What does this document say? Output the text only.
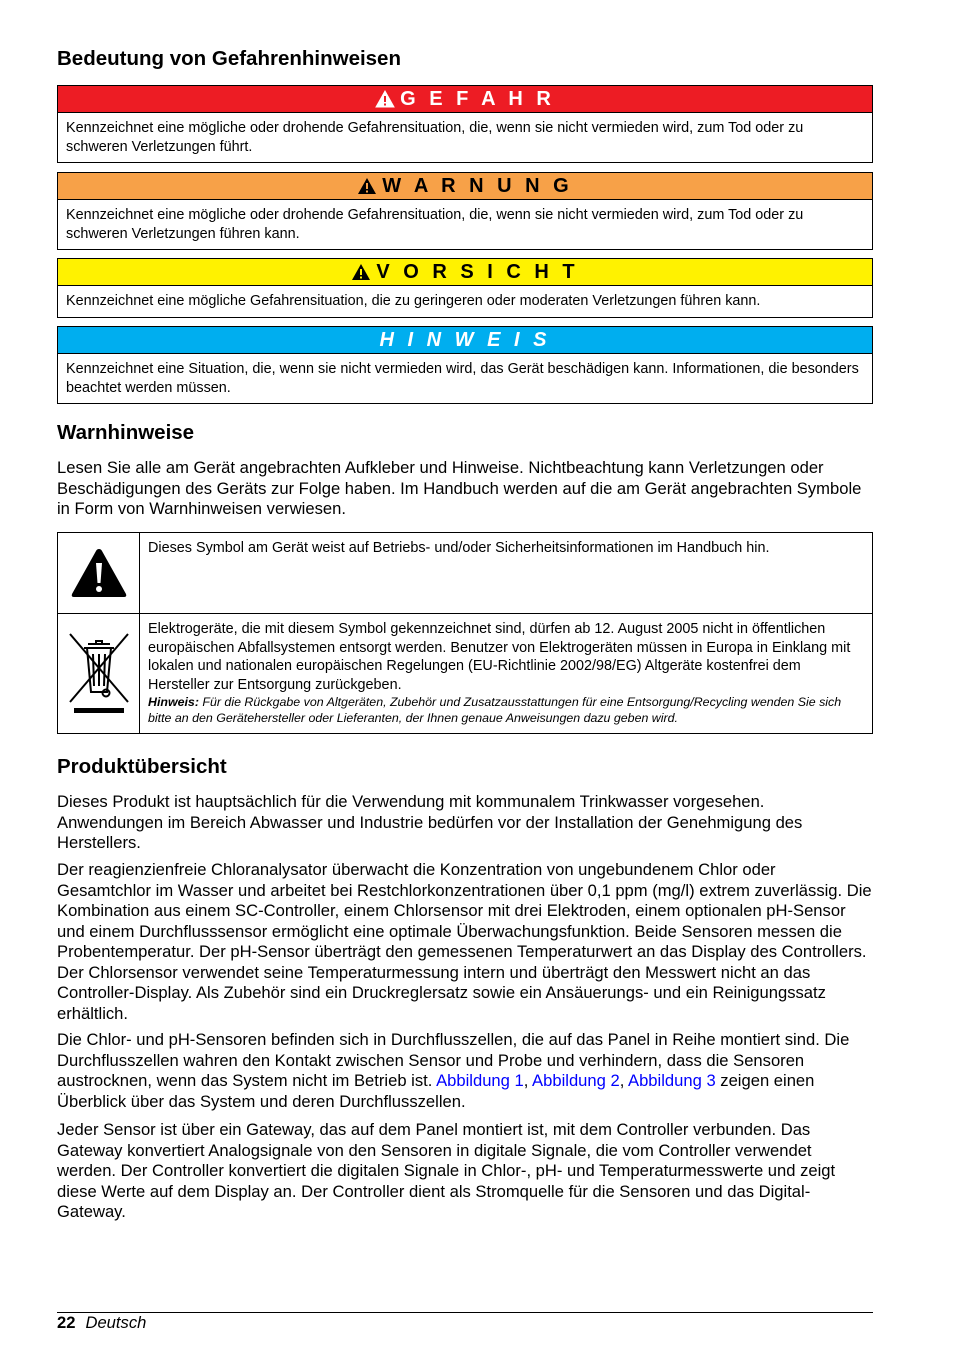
Bedeutung von Gefahrenhinweisen
G E F A H R
Kennzeichnet eine mögliche oder drohende Gefahrensituation, die, wenn sie nicht vermieden wird, zum Tod oder zu schweren Verletzungen führt.
W A R N U N G
Kennzeichnet eine mögliche oder drohende Gefahrensituation, die, wenn sie nicht vermieden wird, zum Tod oder zu schweren Verletzungen führen kann.
V O R S I C H T
Kennzeichnet eine mögliche Gefahrensituation, die zu geringeren oder moderaten Verletzungen führen kann.
H I N W E I S
Kennzeichnet eine Situation, die, wenn sie nicht vermieden wird, das Gerät beschädigen kann. Informationen, die besonders beachtet werden müssen.
Warnhinweise
Lesen Sie alle am Gerät angebrachten Aufkleber und Hinweise. Nichtbeachtung kann Verletzungen oder Beschädigungen des Geräts zur Folge haben. Im Handbuch werden auf die am Gerät angebrachten Symbole in Form von Warnhinweisen verwiesen.
Dieses Symbol am Gerät weist auf Betriebs- und/oder Sicherheitsinformationen im Handbuch hin.
Elektrogeräte, die mit diesem Symbol gekennzeichnet sind, dürfen ab 12. August 2005 nicht in öffentlichen europäischen Abfallsystemen entsorgt werden. Benutzer von Elektrogeräten müssen in Europa in Einklang mit lokalen und nationalen europäischen Regelungen (EU-Richtlinie 2002/98/EG) Altgeräte kostenfrei dem Hersteller zur Entsorgung zurückgeben.
Hinweis: Für die Rückgabe von Altgeräten, Zubehör und Zusatzausstattungen für eine Entsorgung/Recycling wenden Sie sich bitte an den Gerätehersteller oder Lieferanten, der Ihnen genaue Anweisungen dazu geben wird.
Produktübersicht
Dieses Produkt ist hauptsächlich für die Verwendung mit kommunalem Trinkwasser vorgesehen. Anwendungen im Bereich Abwasser und Industrie bedürfen vor der Installation der Genehmigung des Herstellers.
Der reagienzienfreie Chloranalysator überwacht die Konzentration von ungebundenem Chlor oder Gesamtchlor im Wasser und arbeitet bei Restchlorkonzentrationen über 0,1 ppm (mg/l) extrem zuverlässig. Die Kombination aus einem SC-Controller, einem Chlorsensor mit drei Elektroden, einem optionalen pH-Sensor und einem Durchflusssensor ermöglicht eine optimale Überwachungsfunktion. Beide Sensoren messen die Probentemperatur. Der pH-Sensor überträgt den gemessenen Temperaturwert an das Display des Controllers. Der Chlorsensor verwendet seine Temperaturmessung intern und überträgt den Messwert nicht an das Controller-Display. Als Zubehör sind ein Druckreglersatz sowie ein Ansäuerungs- und ein Reinigungssatz erhältlich.
Die Chlor- und pH-Sensoren befinden sich in Durchflusszellen, die auf das Panel in Reihe montiert sind. Die Durchflusszellen wahren den Kontakt zwischen Sensor und Probe und verhindern, dass die Sensoren austrocknen, wenn das System nicht im Betrieb ist. Abbildung 1, Abbildung 2, Abbildung 3 zeigen einen Überblick über das System und deren Durchflusszellen.
Jeder Sensor ist über ein Gateway, das auf dem Panel montiert ist, mit dem Controller verbunden. Das Gateway konvertiert Analogsignale von den Sensoren in digitale Signale, die vom Controller verwendet werden. Der Controller konvertiert die digitalen Signale in Chlor-, pH- und Temperaturmesswerte und zeigt diese Werte auf dem Display an. Der Controller dient als Stromquelle für die Sensoren und das Digital-Gateway.
22 Deutsch
